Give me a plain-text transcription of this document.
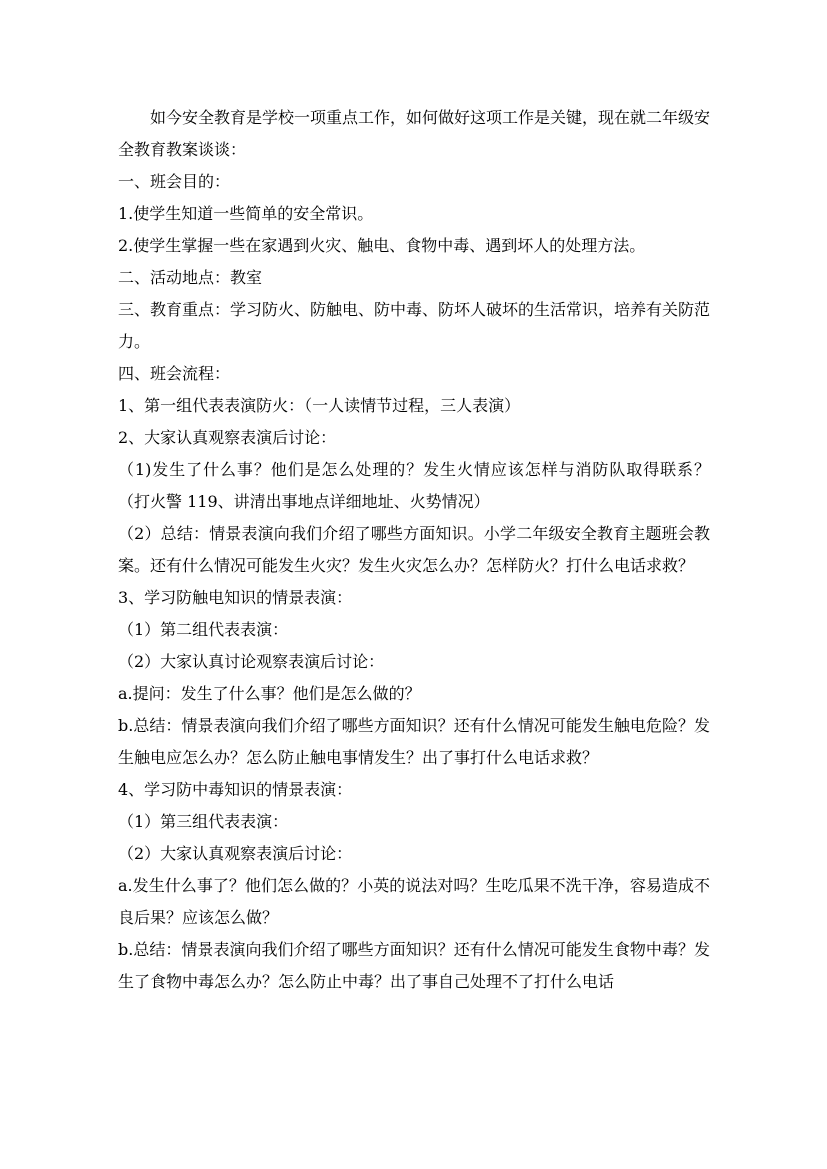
如今安全教育是学校一项重点工作，如何做好这项工作是关键，现在就二年级安全教育教案谈谈：

一、班会目的：

1.使学生知道一些简单的安全常识。

2.使学生掌握一些在家遇到火灾、触电、食物中毒、遇到坏人的处理方法。

二、活动地点：教室

三、教育重点：学习防火、防触电、防中毒、防坏人破坏的生活常识，培养有关防范力。

四、班会流程：

1、第一组代表表演防火：（一人读情节过程，三人表演）

2、大家认真观察表演后讨论：

（1)发生了什么事？他们是怎么处理的？发生火情应该怎样与消防队取得联系？（打火警 119、讲清出事地点详细地址、火势情况）

（2）总结：情景表演向我们介绍了哪些方面知识。小学二年级安全教育主题班会教案。还有什么情况可能发生火灾？发生火灾怎么办？怎样防火？打什么电话求救？

3、学习防触电知识的情景表演：

（1）第二组代表表演：

（2）大家认真讨论观察表演后讨论：

a.提问：发生了什么事？他们是怎么做的？

b.总结：情景表演向我们介绍了哪些方面知识？还有什么情况可能发生触电危险？发生触电应怎么办？怎么防止触电事情发生？出了事打什么电话求救？

4、学习防中毒知识的情景表演：

（1）第三组代表表演：

（2）大家认真观察表演后讨论：

a.发生什么事了？他们怎么做的？小英的说法对吗？生吃瓜果不洗干净，容易造成不良后果？应该怎么做？

b.总结：情景表演向我们介绍了哪些方面知识？还有什么情况可能发生食物中毒？发生了食物中毒怎么办？怎么防止中毒？出了事自己处理不了打什么电话
